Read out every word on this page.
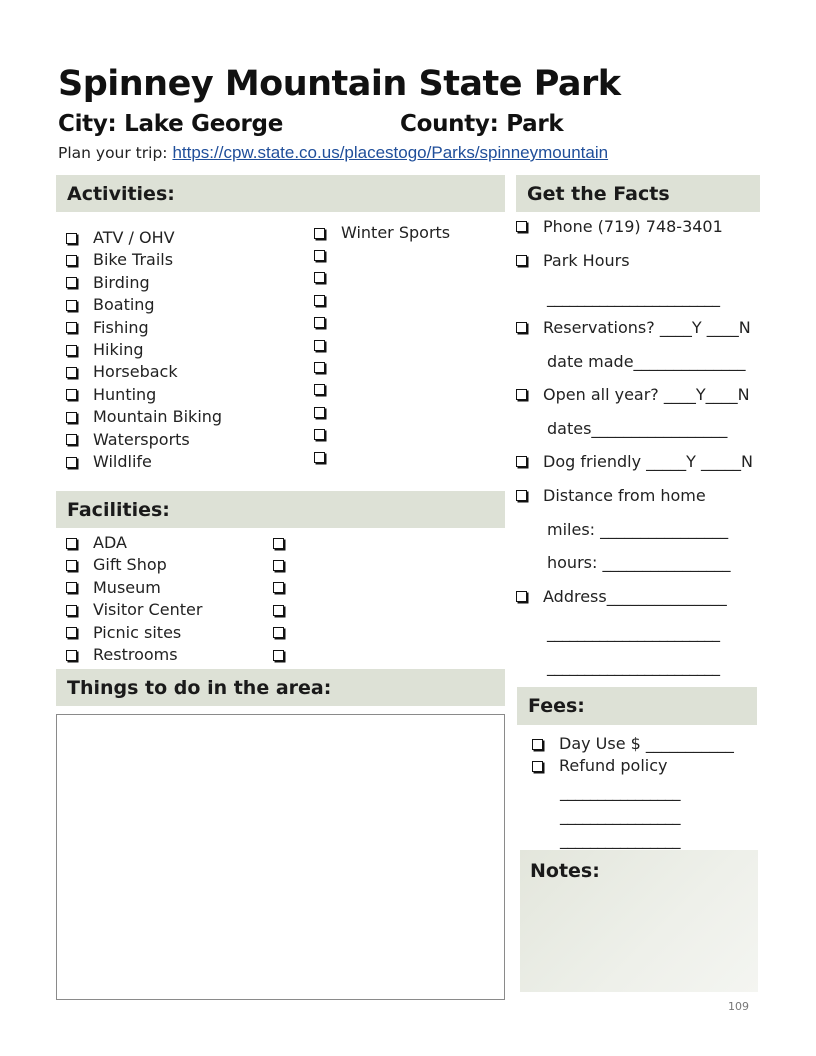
Spinney Mountain State Park
City: Lake George	County: Park
Plan your trip: https://cpw.state.co.us/placestogo/Parks/spinneymountain
Activities:
ATV / OHV
Bike Trails
Birding
Boating
Fishing
Hiking
Horseback
Hunting
Mountain Biking
Watersports
Wildlife
Winter Sports
Facilities:
ADA
Gift Shop
Museum
Visitor Center
Picnic sites
Restrooms
Things to do in the area:
Get the Facts
Phone (719) 748-3401
Park Hours
_______________________
Reservations? ____Y ____N
date made______________
Open all year? ____Y____N
dates_________________
Dog friendly _____Y _____N
Distance from home
miles: ________________
hours: ________________
Address_______________
_______________________
_______________________
Fees:
Day Use $ ___________
Refund policy
________________
________________
________________
Notes:
109
